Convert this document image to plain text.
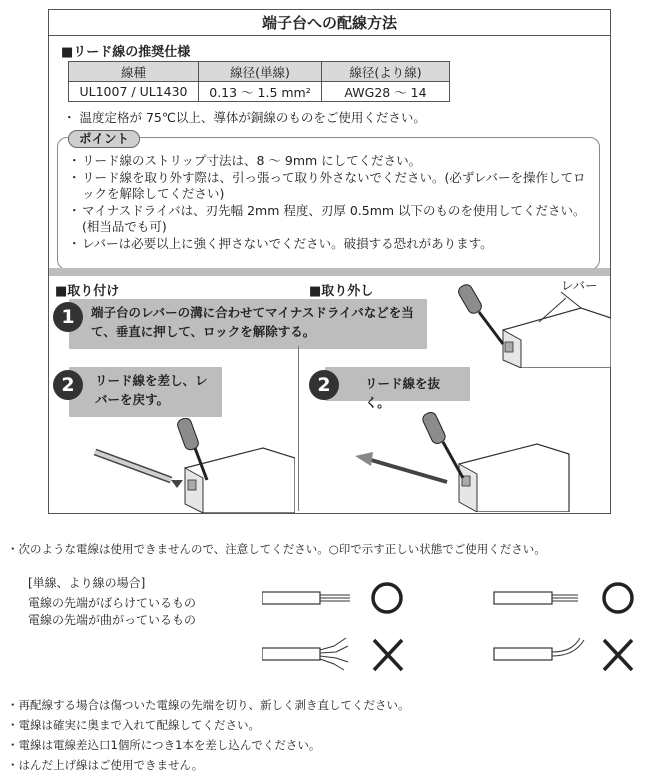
端子台への配線方法
■リード線の推奨仕様
線種	線径(単線)	線径(より線)
UL1007 / UL1430	0.13 ～ 1.5 mm²	AWG28 ～ 14
・ 温度定格が 75℃以上、導体が銅線のものをご使用ください。
ポイント
・ リード線のストリップ寸法は、8 ～ 9mm にしてください。
・ リード線を取り外す際は、引っ張って取り外さないでください。(必ずレバーを操作してロックを解除してください)
・ マイナスドライバは、刃先幅 2mm 程度、刃厚 0.5mm 以下のものを使用してください。(相当品でも可)
・ レバーは必要以上に強く押さないでください。破損する恐れがあります。
■取り付け
端子台のレバーの溝に合わせてマイナスドライバなどを当て、垂直に押して、ロックを解除する。
1
リード線を差し、レバーを戻す。
2
■取り外し	レバー
リード線を抜く。
2
・次のような電線は使用できませんので、注意してください。○印で示す正しい状態でご使用ください。
[単線、より線の場合]
電線の先端がばらけているもの
電線の先端が曲がっているもの
・再配線する場合は傷ついた電線の先端を切り、新しく剥き直してください。
・電線は確実に奥まで入れて配線してください。
・電線は電線差込口1個所につき1本を差し込んでください。
・はんだ上げ線はご使用できません。
